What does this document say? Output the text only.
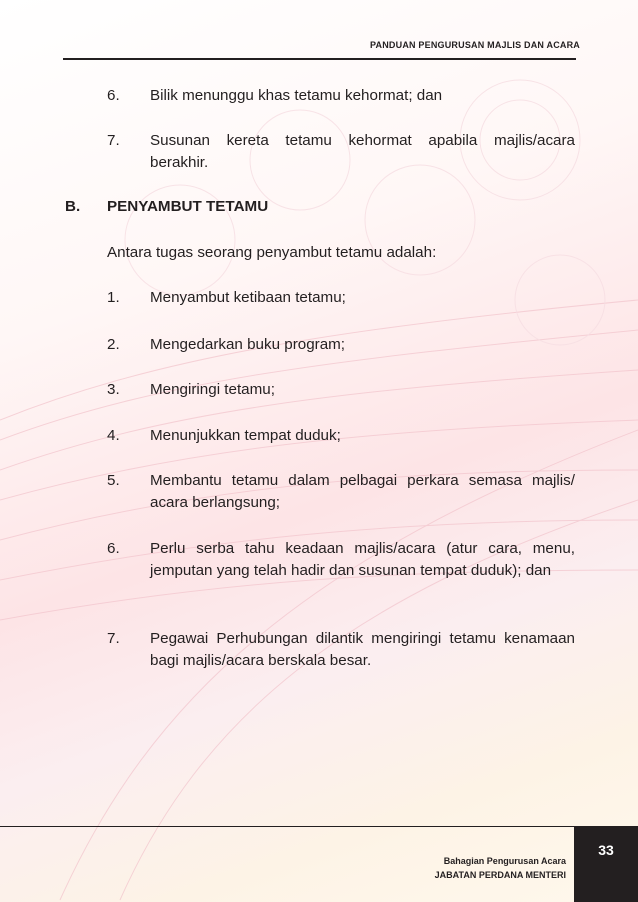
PANDUAN PENGURUSAN MAJLIS DAN ACARA
6. Bilik menunggu khas tetamu kehormat; dan
7. Susunan kereta tetamu kehormat apabila majlis/acara berakhir.
B. PENYAMBUT TETAMU
Antara tugas seorang penyambut tetamu adalah:
1. Menyambut ketibaan tetamu;
2. Mengedarkan buku program;
3. Mengiringi tetamu;
4. Menunjukkan tempat duduk;
5. Membantu tetamu dalam pelbagai perkara semasa majlis/ acara berlangsung;
6. Perlu serba tahu keadaan majlis/acara (atur cara, menu, jemputan yang telah hadir dan susunan tempat duduk); dan
7. Pegawai Perhubungan dilantik mengiringi tetamu kenamaan bagi majlis/acara berskala besar.
Bahagian Pengurusan Acara
JABATAN PERDANA MENTERI
33
